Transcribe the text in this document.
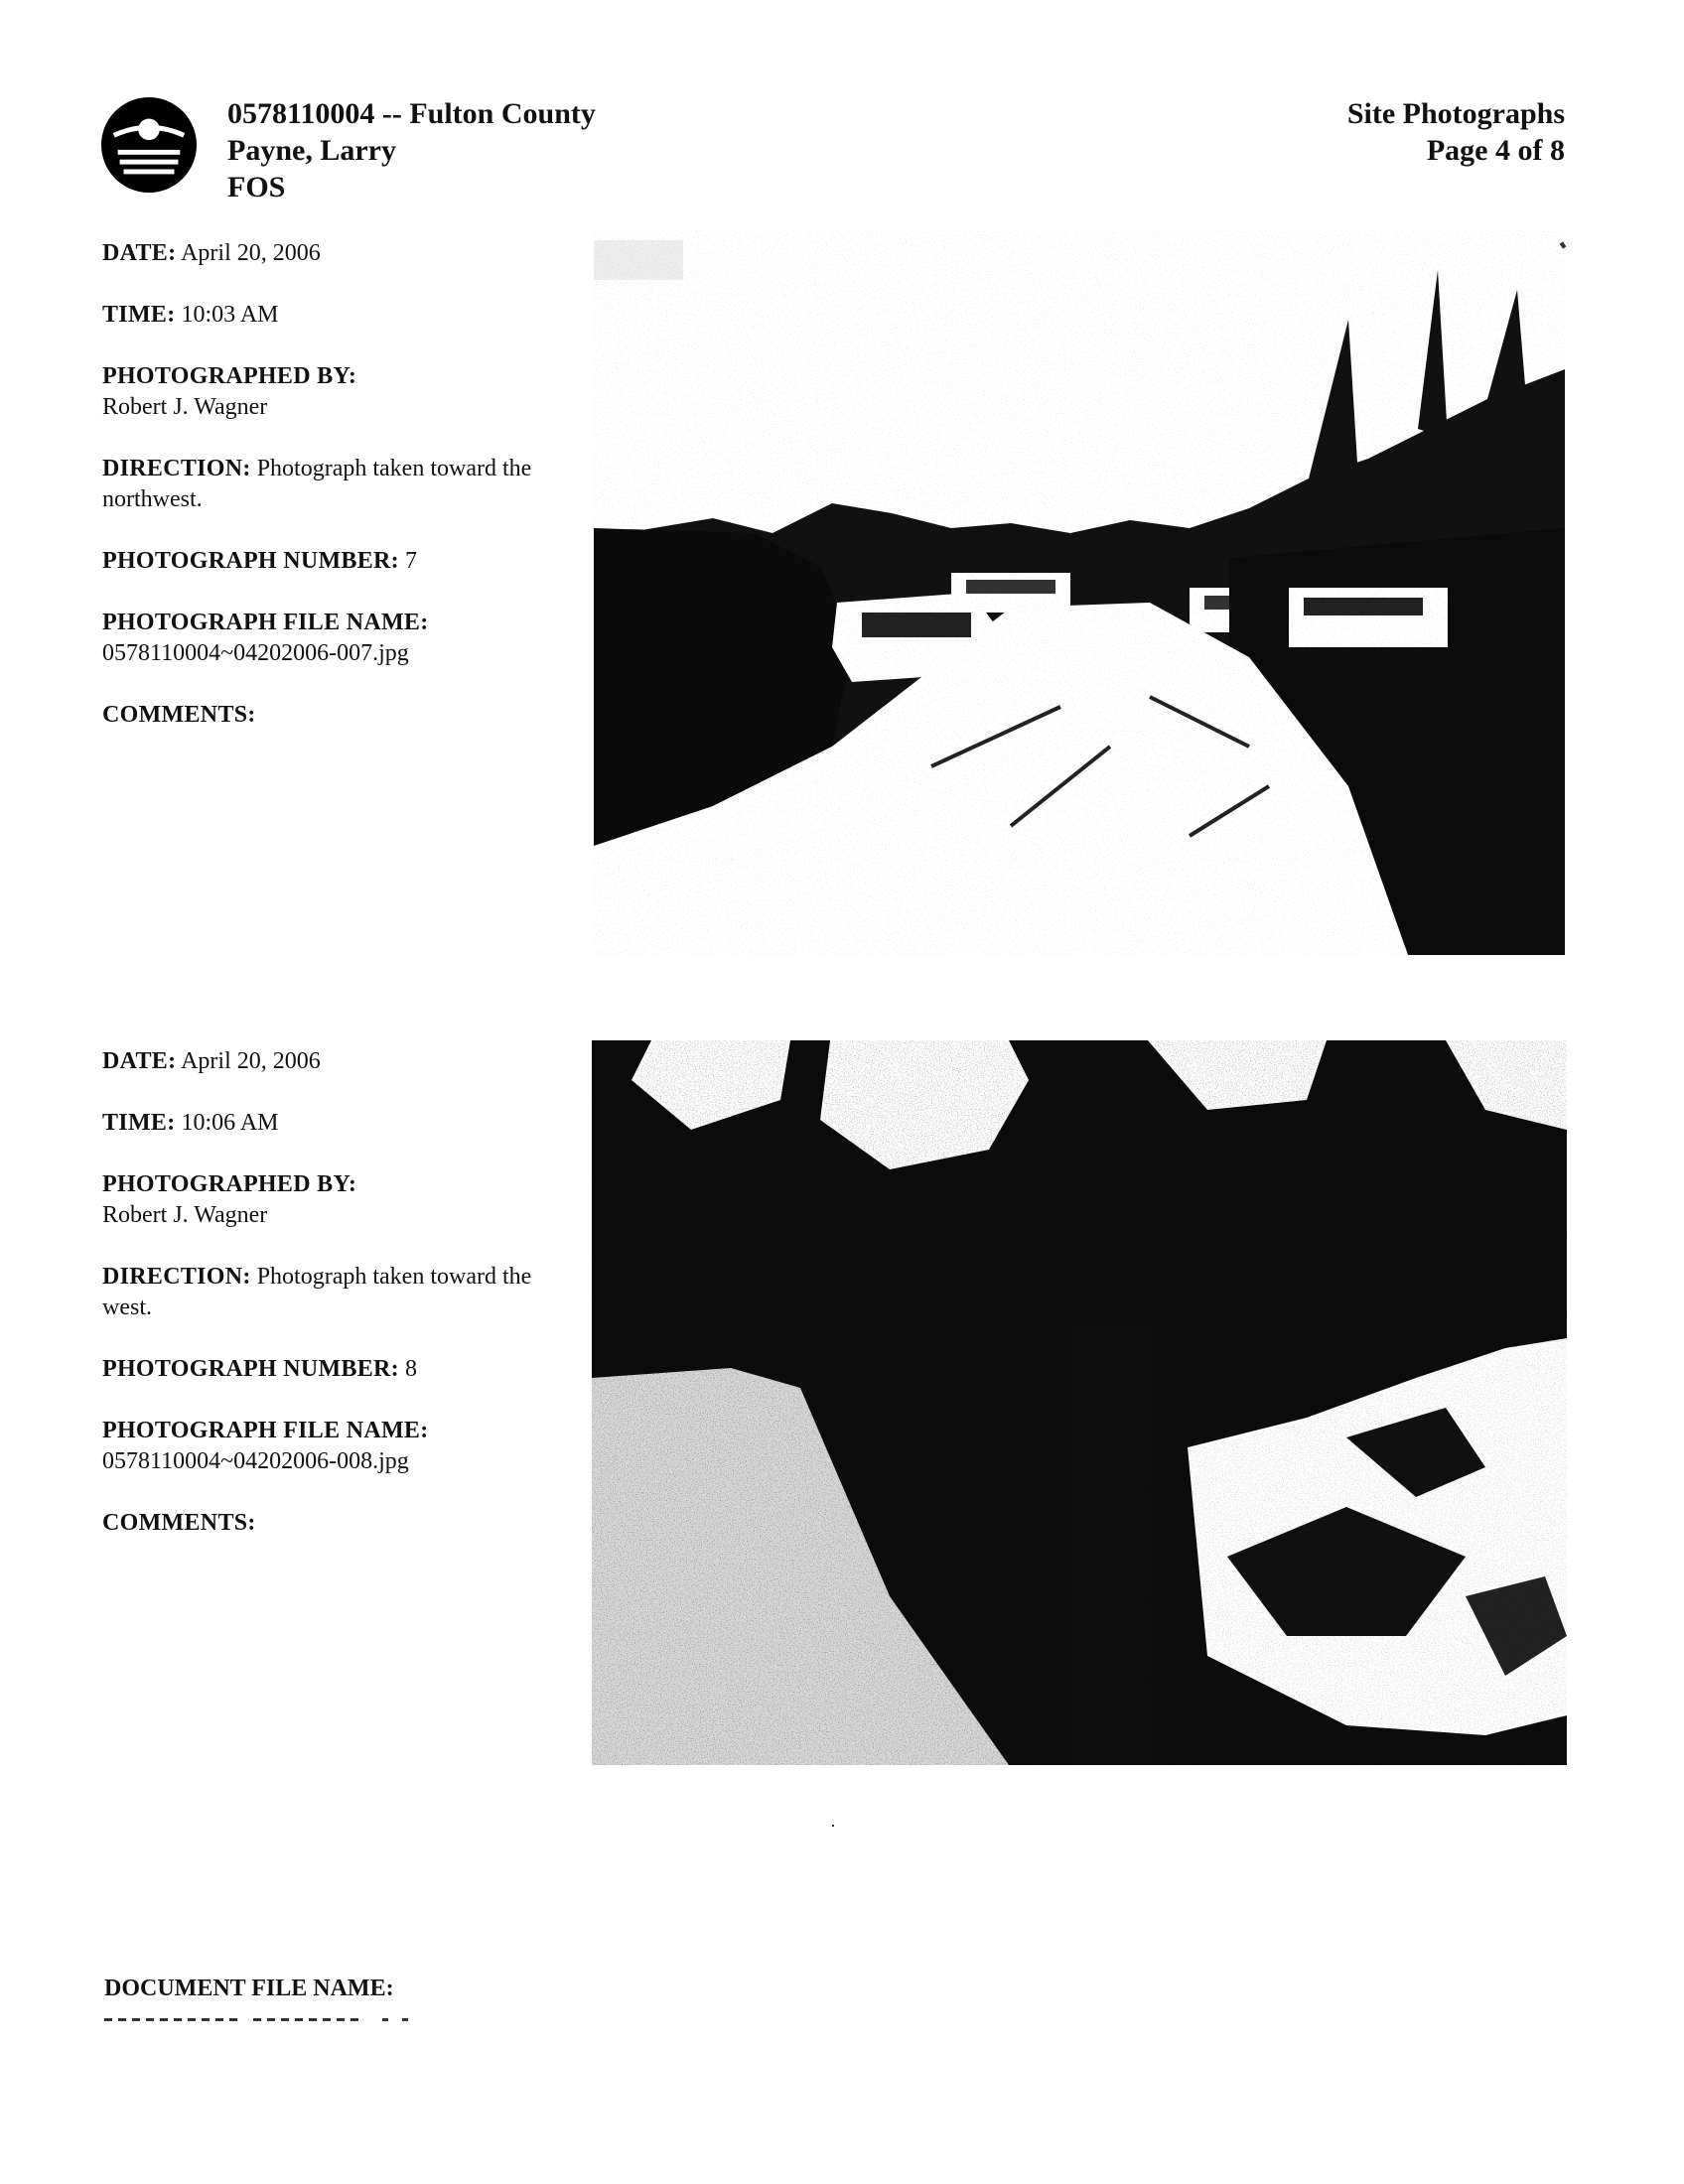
0578110004 -- Fulton County
Payne, Larry
FOS
Site Photographs
Page 4 of 8
DATE: April 20, 2006
TIME: 10:03 AM
PHOTOGRAPHED BY:
Robert J. Wagner
DIRECTION: Photograph taken toward the northwest.
PHOTOGRAPH NUMBER: 7
PHOTOGRAPH FILE NAME:
0578110004~04202006-007.jpg
COMMENTS:
DATE: April 20, 2006
TIME: 10:06 AM
PHOTOGRAPHED BY:
Robert J. Wagner
DIRECTION: Photograph taken toward the west.
PHOTOGRAPH NUMBER: 8
PHOTOGRAPH FILE NAME:
0578110004~04202006-008.jpg
COMMENTS:
DOCUMENT FILE NAME:
